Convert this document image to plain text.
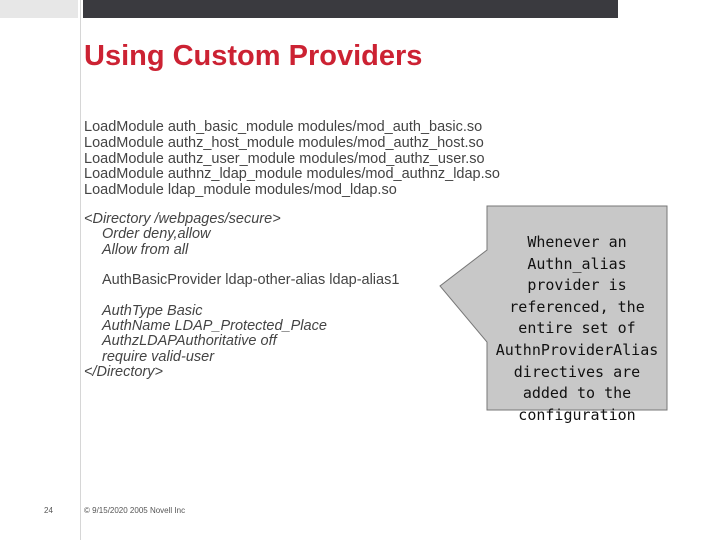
Using Custom Providers
LoadModule auth_basic_module modules/mod_auth_basic.so
LoadModule authz_host_module modules/mod_authz_host.so
LoadModule authz_user_module modules/mod_authz_user.so
LoadModule authnz_ldap_module modules/mod_authnz_ldap.so
LoadModule ldap_module modules/mod_ldap.so
<Directory /webpages/secure>
Order deny,allow
Allow from all
AuthBasicProvider ldap-other-alias ldap-alias1
AuthType Basic
AuthName LDAP_Protected_Place
AuthzLDAPAuthoritative off
require valid-user
</Directory>
Whenever an Authn_alias provider is referenced, the entire set of AuthnProviderAlias directives are added to the configuration
24	© 9/15/2020 2005 Novell Inc
